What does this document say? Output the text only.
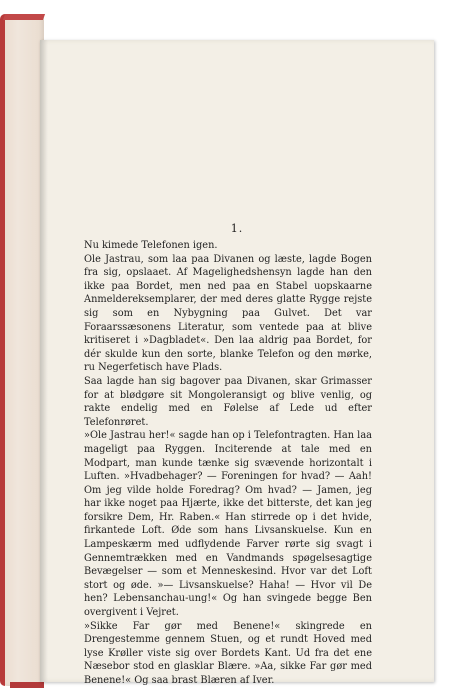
1.

Nu kimede Telefonen igen.

Ole Jastrau, som laa paa Divanen og læste, lagde Bogen fra sig, opslaaet. Af Magelighedshensyn lagde han den ikke paa Bordet, men ned paa en Stabel uopskaarne Anmeldereksemplarer, der med deres glatte Rygge rejste sig som en Nybygning paa Gulvet. Det var Foraarssæsonens Literatur, som ventede paa at blive kritiseret i »Dagbladet«. Den laa aldrig paa Bordet, for dér skulde kun den sorte, blanke Telefon og den mørke, ru Negerfetisch have Plads.

Saa lagde han sig bagover paa Divanen, skar Grimasser for at blødgøre sit Mongoleransigt og blive venlig, og rakte endelig med en Følelse af Lede ud efter Telefonrøret.

»Ole Jastrau her!« sagde han op i Telefontragten. Han laa mageligt paa Ryggen. Inciterende at tale med en Modpart, man kunde tænke sig svævende horizontalt i Luften. »Hvadbehager? — Foreningen for hvad? — Aah! Om jeg vilde holde Foredrag? Om hvad? — Jamen, jeg har ikke noget paa Hjærte, ikke det bitterste, det kan jeg forsikre Dem, Hr. Raben.« Han stirrede op i det hvide, firkantede Loft. Øde som hans Livsanskuelse. Kun en Lampeskærm med udflydende Farver rørte sig svagt i Gennemtrækken med en Vandmands spøgelsesagtige Bevægelser — som et Menneskesind. Hvor var det Loft stort og øde. »— Livsanskuelse? Haha! — Hvor vil De hen? Lebensanchau-ung!« Og han svingede begge Ben overgivent i Vejret.

»Sikke Far gør med Benene!« skingrede en Drengestemme gennem Stuen, og et rundt Hoved med lyse Krøller viste sig over Bordets Kant. Ud fra det ene Næsebor stod en glasklar Blære. »Aa, sikke Far gør med Benene!« Og saa brast Blæren af Iver.
